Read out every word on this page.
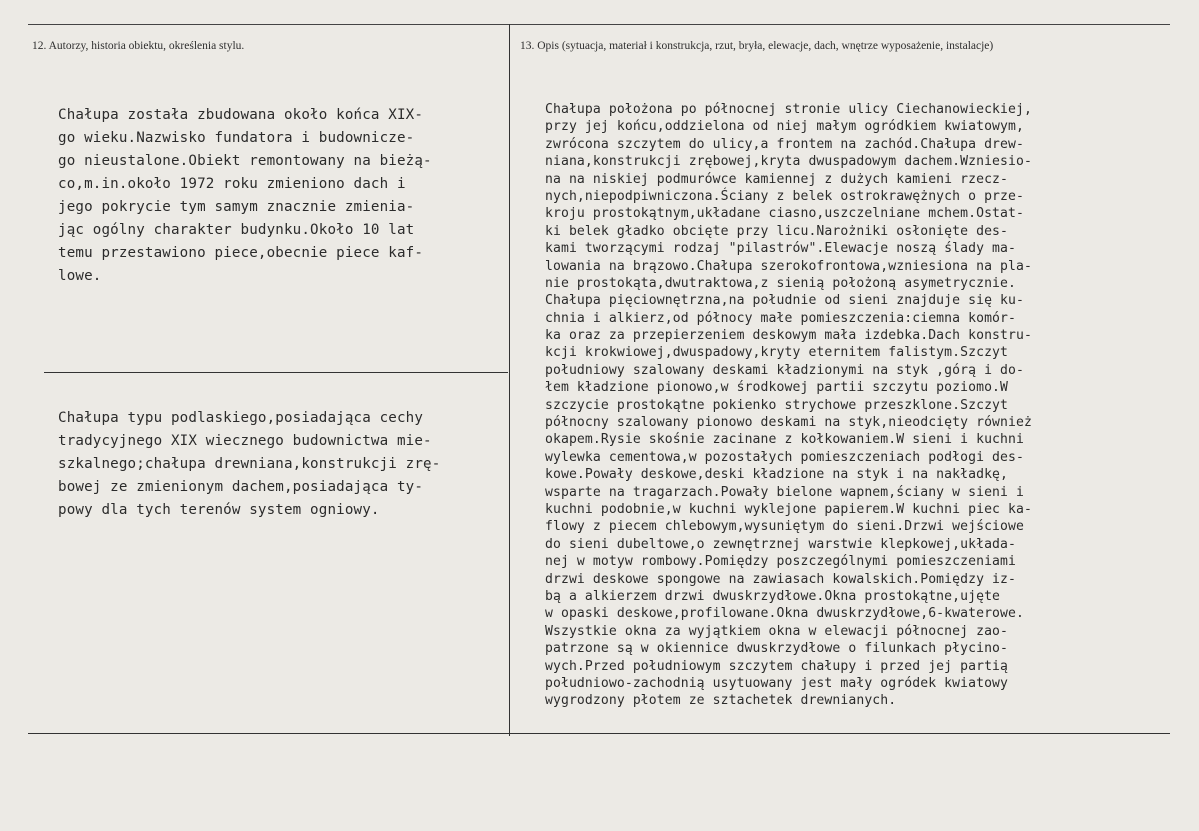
12. Autorzy, historia obiektu, określenia stylu.	13. Opis (sytuacja, materiał i konstrukcja, rzut, bryła, elewacje, dach, wnętrze wyposażenie, instalacje)
Chałupa została zbudowana około końca XIX-
go wieku.Nazwisko fundatora i budowniczе-
go nieustalone.Obiekt remontowany na bieżą-
co,m.in.około 1972 roku zmieniono dach i
jego pokrycie tym samym znacznie zmienia-
jąc ogólny charakter budynku.Około 10 lat
temu przestawiono piece,obecnie piece kaf-
lowe.
Chałupa typu podlaskiego,posiadająca cechy
tradycyjnego XIX wiecznego budownictwa mie-
szkalnego;chałupa drewniana,konstrukcji zrę-
bowej ze zmienionym dachem,posiadająca ty-
powy dla tych terenów system ogniowy.
Chałupa położona po północnej stronie ulicy Ciechanowieckiej,
przy jej końcu,oddzielona od niej małym ogródkiem kwiatowym,
zwrócona szczytem do ulicy,a frontem na zachód.Chałupa drew-
niana,konstrukcji zrębowej,kryta dwuspadowym dachem.Wzniesio-
na na niskiej podmurówce kamiennej z dużych kamieni rzecz-
nych,niepodpiwniczona.Ściany z belek ostrokrawężnych o prze-
kroju prostokątnym,układane ciasno,uszczelniane mchem.Ostat-
ki belek gładko obcięte przy licu.Narożniki osłonięte des-
kami tworzącymi rodzaj "pilastrów".Elewacje noszą ślady ma-
lowania na brązowo.Chałupa szerokofrontowa,wzniesiona na pla-
nie prostokąta,dwutraktowa,z sienią położoną asymetrycznie.
Chałupa pięciownętrzna,na południe od sieni znajduje się ku-
chnia i alkierz,od północy małe pomieszczenia:ciemna komór-
ka oraz za przepierzeniem deskowym mała izdebka.Dach konstru-
kcji krokwiowej,dwuspadowy,kryty eternitem falistym.Szczyt
południowy szalowany deskami kładzionymi na styk ,górą i do-
łem kładzione pionowo,w środkowej partii szczytu poziomo.W
szczycie prostokątne pokienko strychowe przeszklone.Szczyt
północny szalowany pionowo deskami na styk,nieodcięty również
okapem.Rysie skośnie zacinane z kołkowaniem.W sieni i kuchni
wylewka cementowa,w pozostałych pomieszczeniach podłogi des-
kowe.Powały deskowe,deski kładzione na styk i na nakładkę,
wsparte na tragarzach.Powały bielone wapnem,ściany w sieni i
kuchni podobnie,w kuchni wyklejone papierem.W kuchni piec ka-
flowy z piecem chlebowym,wysuniętym do sieni.Drzwi wejściowe
do sieni dubeltowe,o zewnętrznej warstwie klepkowej,układa-
nej w motyw rombowy.Pomiędzy poszczególnymi pomieszczeniami
drzwi deskowe spongowe na zawiasach kowalskich.Pomiędzy iz-
bą a alkierzem drzwi dwuskrzydłowe.Okna prostokątne,ujęte
w opaski deskowe,profilowane.Okna dwuskrzydłowe,6-kwaterowe.
Wszystkie okna za wyjątkiem okna w elewacji północnej zao-
patrzone są w okiennice dwuskrzydłowe o filunkach płycino-
wych.Przed południowym szczytem chałupy i przed jej partią
południowo-zachodnią usytuowany jest mały ogródek kwiatowy
wygrodzony płotem ze sztachetek drewnianych.
